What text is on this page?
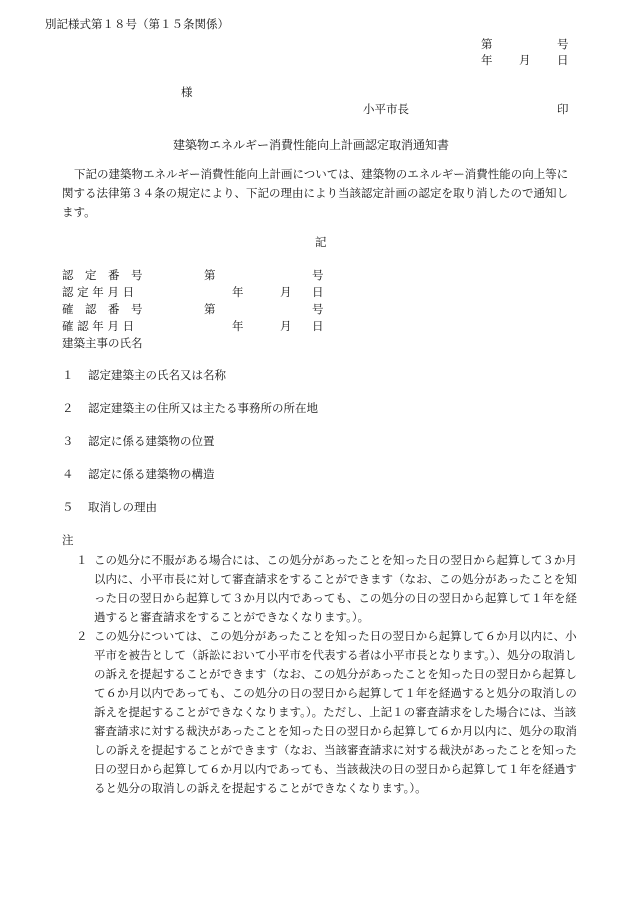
別記様式第１８号（第１５条関係）
第	号
年 月 日
様
小平市長	印
建築物エネルギー消費性能向上計画認定取消通知書
下記の建築物エネルギー消費性能向上計画については、建築物のエネルギー消費性能の向上等に関する法律第３４条の規定により、下記の理由により当該認定計画の認定を取り消したので通知します。
記
認　定　番　号	第	号
認 定 年 月 日	年	月 日
確　認　番　号	第	号
確 認 年 月 日	年	月 日
建築主事の氏名
１ 認定建築主の氏名又は名称
２ 認定建築主の住所又は主たる事務所の所在地
３ 認定に係る建築物の位置
４ 認定に係る建築物の構造
５ 取消しの理由
注

１ この処分に不服がある場合には、この処分があったことを知った日の翌日から起算して３か月以内に、小平市長に対して審査請求をすることができます（なお、この処分があったことを知った日の翌日から起算して３か月以内であっても、この処分の日の翌日から起算して１年を経過すると審査請求をすることができなくなります。）。

２ この処分については、この処分があったことを知った日の翌日から起算して６か月以内に、小平市を被告として（訴訟において小平市を代表する者は小平市長となります。）、処分の取消しの訴えを提起することができます（なお、この処分があったことを知った日の翌日から起算して６か月以内であっても、この処分の日の翌日から起算して１年を経過すると処分の取消しの訴えを提起することができなくなります。）。ただし、上記１の審査請求をした場合には、当該審査請求に対する裁決があったことを知った日の翌日から起算して６か月以内に、処分の取消しの訴えを提起することができます（なお、当該審査請求に対する裁決があったことを知った日の翌日から起算して６か月以内であっても、当該裁決の日の翌日から起算して１年を経過すると処分の取消しの訴えを提起することができなくなります。）。
